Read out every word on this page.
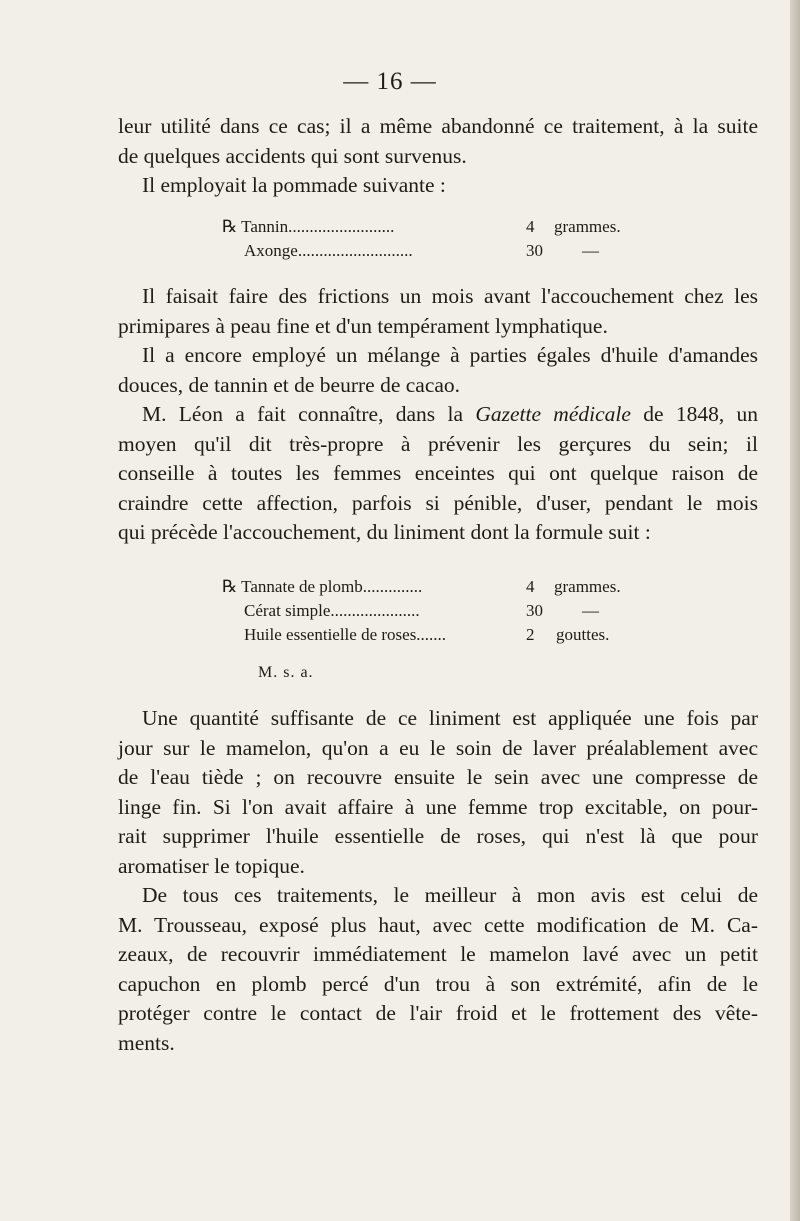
— 16 —
leur utilité dans ce cas; il a même abandonné ce traitement, à la suite
de quelques accidents qui sont survenus.
Il employait la pommade suivante :
℞ Tannin.........................	4 grammes.
Axonge...........................	30 —
Il faisait faire des frictions un mois avant l'accouchement chez les
primipares à peau fine et d'un tempérament lymphatique.
Il a encore employé un mélange à parties égales d'huile d'amandes
douces, de tannin et de beurre de cacao.
M. Léon a fait connaître, dans la Gazette médicale de 1848, un
moyen qu'il dit très-propre à prévenir les gerçures du sein; il
conseille à toutes les femmes enceintes qui ont quelque raison de
craindre cette affection, parfois si pénible, d'user, pendant le mois
qui précède l'accouchement, du liniment dont la formule suit :
℞ Tannate de plomb..............	4 grammes.
Cérat simple.....................	30 —
Huile essentielle de roses.......	2 gouttes.
M. s. a.
Une quantité suffisante de ce liniment est appliquée une fois par
jour sur le mamelon, qu'on a eu le soin de laver préalablement avec
de l'eau tiède ; on recouvre ensuite le sein avec une compresse de
linge fin. Si l'on avait affaire à une femme trop excitable, on pour-
rait supprimer l'huile essentielle de roses, qui n'est là que pour
aromatiser le topique.
De tous ces traitements, le meilleur à mon avis est celui de
M. Trousseau, exposé plus haut, avec cette modification de M. Ca-
zeaux, de recouvrir immédiatement le mamelon lavé avec un petit
capuchon en plomb percé d'un trou à son extrémité, afin de le
protéger contre le contact de l'air froid et le frottement des vête-
ments.
